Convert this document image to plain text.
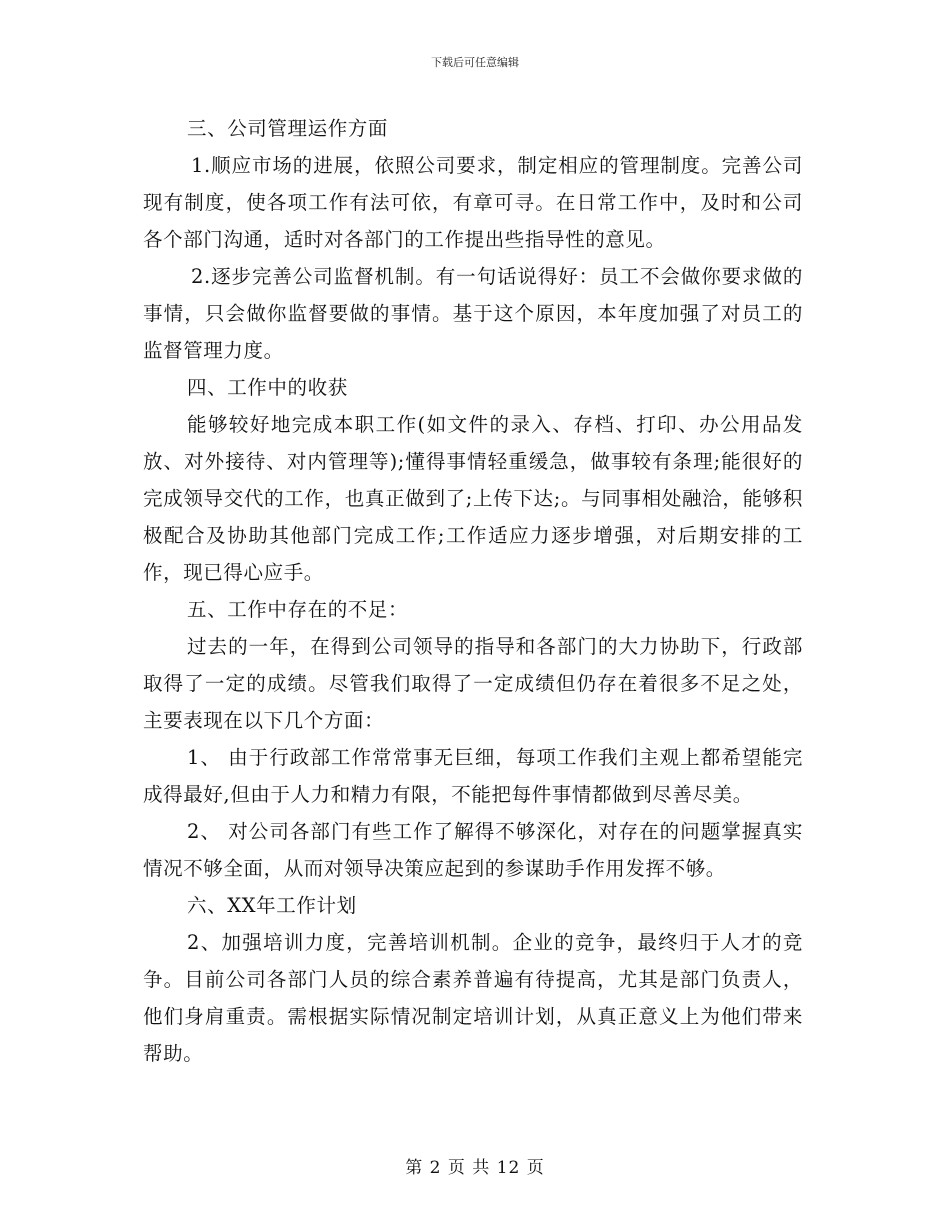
下载后可任意编辑

三、公司管理运作方面

1.顺应市场的进展，依照公司要求，制定相应的管理制度。完善公司现有制度，使各项工作有法可依，有章可寻。在日常工作中，及时和公司各个部门沟通，适时对各部门的工作提出些指导性的意见。

2.逐步完善公司监督机制。有一句话说得好：员工不会做你要求做的事情，只会做你监督要做的事情。基于这个原因，本年度加强了对员工的监督管理力度。

四、工作中的收获

能够较好地完成本职工作(如文件的录入、存档、打印、办公用品发放、对外接待、对内管理等);懂得事情轻重缓急，做事较有条理;能很好的完成领导交代的工作，也真正做到了;上传下达;。与同事相处融洽，能够积极配合及协助其他部门完成工作;工作适应力逐步增强，对后期安排的工作，现已得心应手。

五、工作中存在的不足：

过去的一年，在得到公司领导的指导和各部门的大力协助下，行政部取得了一定的成绩。尽管我们取得了一定成绩但仍存在着很多不足之处，主要表现在以下几个方面：

1、 由于行政部工作常常事无巨细，每项工作我们主观上都希望能完成得最好,但由于人力和精力有限，不能把每件事情都做到尽善尽美。

2、 对公司各部门有些工作了解得不够深化，对存在的问题掌握真实情况不够全面，从而对领导决策应起到的参谋助手作用发挥不够。

六、XX年工作计划

2、加强培训力度，完善培训机制。企业的竞争，最终归于人才的竞争。目前公司各部门人员的综合素养普遍有待提高，尤其是部门负责人，他们身肩重责。需根据实际情况制定培训计划，从真正意义上为他们带来帮助。

第 2 页 共 12 页
